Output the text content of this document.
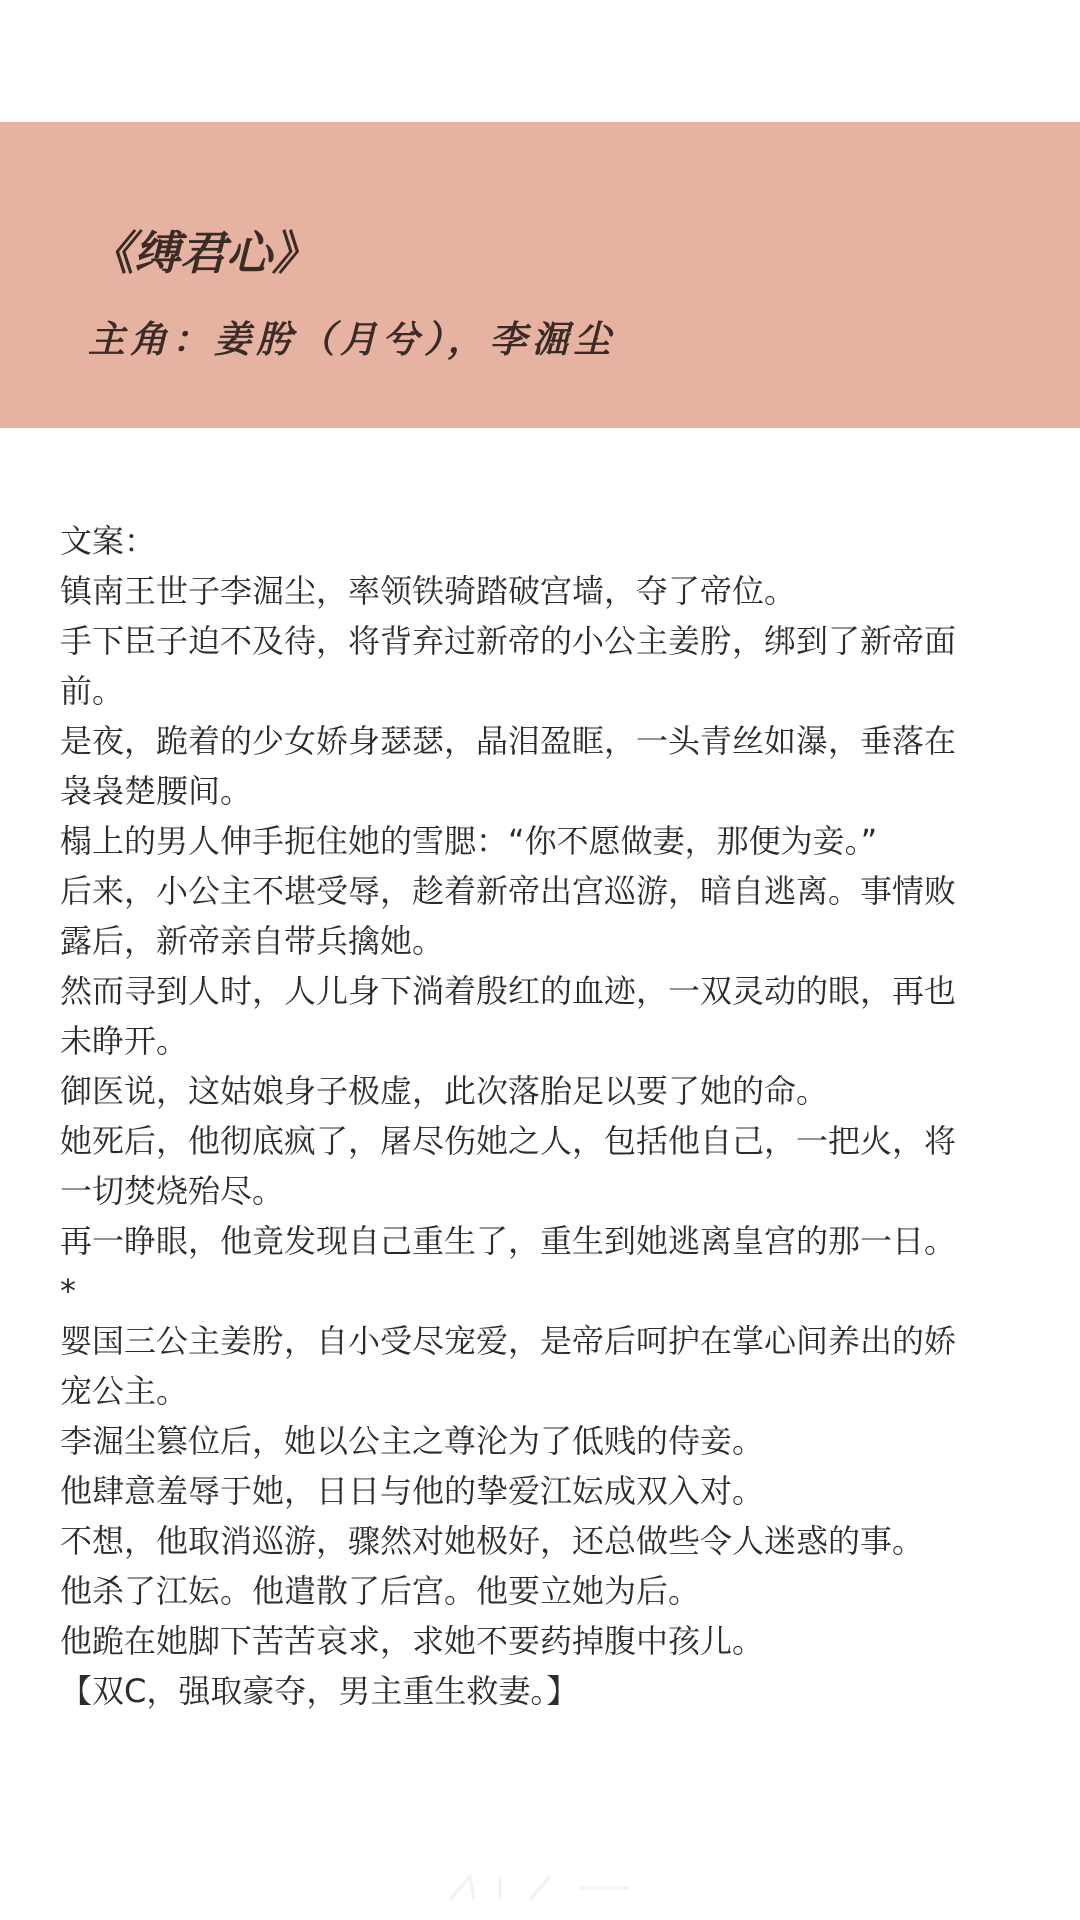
《缚君心》

主角：姜肹（月兮），李淈尘

文案：
镇南王世子李淈尘，率领铁骑踏破宫墙，夺了帝位。
手下臣子迫不及待，将背弃过新帝的小公主姜肹，绑到了新帝面前。
是夜，跪着的少女娇身瑟瑟，晶泪盈眶，一头青丝如瀑，垂落在袅袅楚腰间。
榻上的男人伸手扼住她的雪腮：“你不愿做妻，那便为妾。”
后来，小公主不堪受辱，趁着新帝出宫巡游，暗自逃离。事情败露后，新帝亲自带兵擒她。
然而寻到人时，人儿身下淌着殷红的血迹，一双灵动的眼，再也未睁开。
御医说，这姑娘身子极虚，此次落胎足以要了她的命。
她死后，他彻底疯了，屠尽伤她之人，包括他自己，一把火，将一切焚烧殆尽。
再一睁眼，他竟发现自己重生了，重生到她逃离皇宫的那一日。
*
婴国三公主姜肹，自小受尽宠爱，是帝后呵护在掌心间养出的娇宠公主。
李淈尘篡位后，她以公主之尊沦为了低贱的侍妾。
他肆意羞辱于她，日日与他的挚爱江妘成双入对。
不想，他取消巡游，骤然对她极好，还总做些令人迷惑的事。
他杀了江妘。他遣散了后宫。他要立她为后。
他跪在她脚下苦苦哀求，求她不要药掉腹中孩儿。
【双C，强取豪夺，男主重生救妻。】
